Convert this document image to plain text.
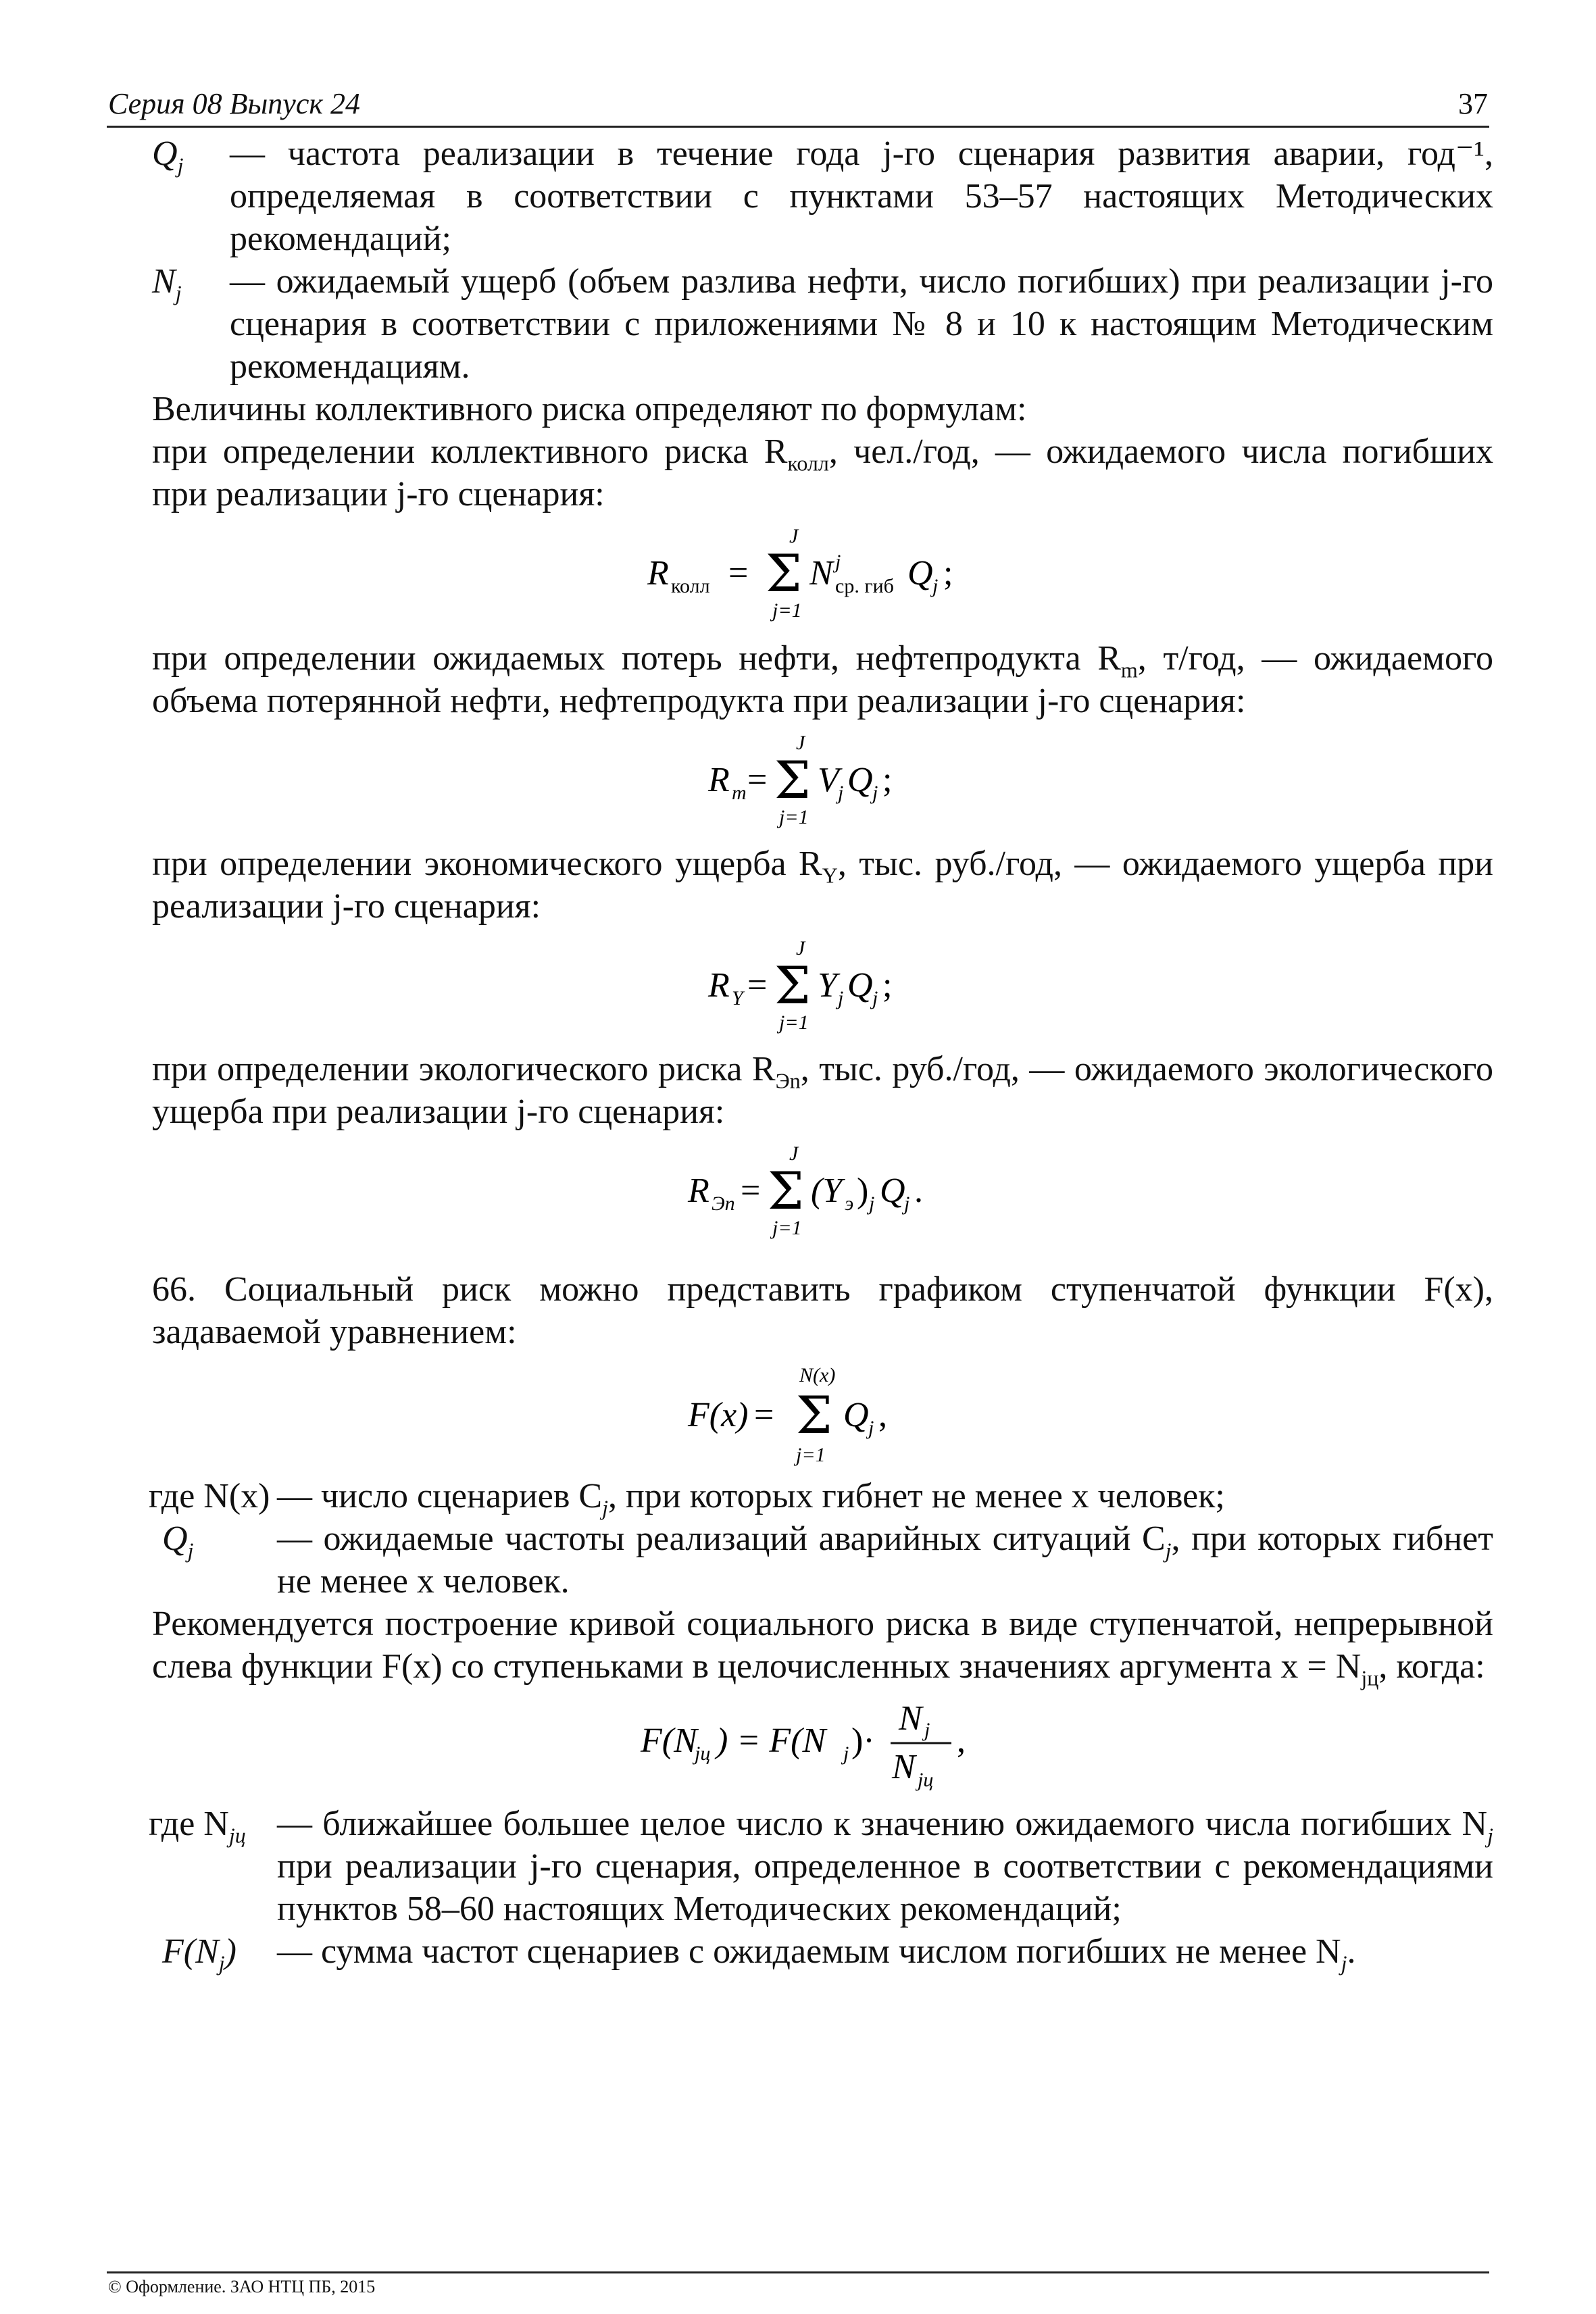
Серия 08 Выпуск 24	37
$Q_j$	— частота реализации в течение года j-го сценария развития аварии, год⁻¹, определяемая в соответствии с пунктами 53–57 настоящих Методических рекомендаций;
$N_j$	— ожидаемый ущерб (объем разлива нефти, число погибших) при реализации j-го сценария в соответствии с приложениями № 8 и 10 к настоящим Методическим рекомендациям.

Величины коллективного риска определяют по формулам:

при определении коллективного риска $R_{колл}$, чел./год, — ожидаемого числа погибших при реализации j-го сценария:

J
j=1
R колл = Σ N j
ср. гиб Q j ;

при определении ожидаемых потерь нефти, нефтепродукта $R_m$, т/год, — ожидаемого объема потерянной нефти, нефтепродукта при реализации j-го сценария:

J
j=1
R m = Σ V
j Q j ;

при определении экономического ущерба $R_Y$, тыс. руб./год, — ожидаемого ущерба при реализации j-го сценария:

J
j=1
R Y = Σ Y j Q j ;

при определении экологического риска $R_{Эn}$, тыс. руб./год, — ожидаемого экологического ущерба при реализации j-го сценария:

J
j=1
R Эn = Σ (Y э ) j Q
j .

66. Социальный риск можно представить графиком ступенчатой функции F(x), задаваемой уравнением:

N(x)
j=1
F(x) = Σ Q j ,
где N(x) — число сценариев $C_j$, при которых гибнет не менее x человек;
$Q_j$	— ожидаемые частоты реализаций аварийных ситуаций $C_j$, при которых гибнет не менее x человек.

Рекомендуется построение кривой социального риска в виде ступенчатой, непрерывной слева функции F(x) со ступеньками в целочисленных значениях аргумента $x = N_{jц}$, когда:

F(N
jц ) = F(N j )·
N j
N jц
,
где $N_{jц}$ — ближайшее большее целое число к значению ожидаемого числа погибших $N_j$ при реализации j-го сценария, определенное в соответствии с рекомендациями пунктов 58–60 настоящих Методических рекомендаций;
$F(N_j)$	— сумма частот сценариев с ожидаемым числом погибших не менее $N_j$.
© Оформление. ЗАО НТЦ ПБ, 2015
